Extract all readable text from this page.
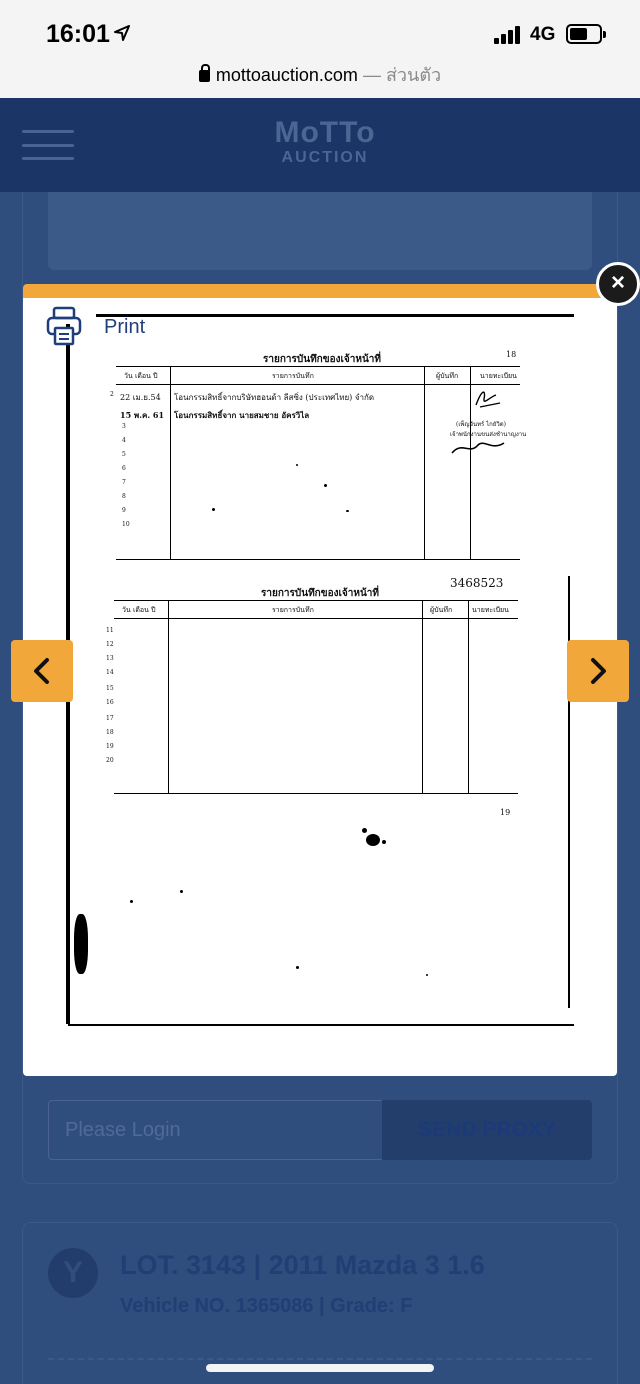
16:01	4G
mottoauction.com — ส่วนตัว
MoTTo
AUCTION
Please Login	SEND PROXY
Y	LOT. 3143 | 2011 Mazda 3 1.6
Vehicle NO. 1365086 | Grade: F
รายการบันทึกของเจ้าหน้าที่	18
วัน เดือน ปี	รายการบันทึก	ผู้บันทึก	นายทะเบียน
22 เม.ย.54 โอนกรรมสิทธิ์จากบริษัทฮอนด้า ลีสซิ่ง (ประเทศไทย) จำกัด
15 พ.ค. 61 โอนกรรมสิทธิ์จาก นายสมชาย อัครวิไล
2
3
4
5
6
7
8
9
10
(เพ็ญจันทร์ ไกยัวิด)
เจ้าพนักงานขนส่งชำนาญงาน
3468523
รายการบันทึกของเจ้าหน้าที่
วัน เดือน ปี	รายการบันทึก	ผู้บันทึก	นายทะเบียน
11
12
13
14
15
16
17
18
19
20
19
Print
×
